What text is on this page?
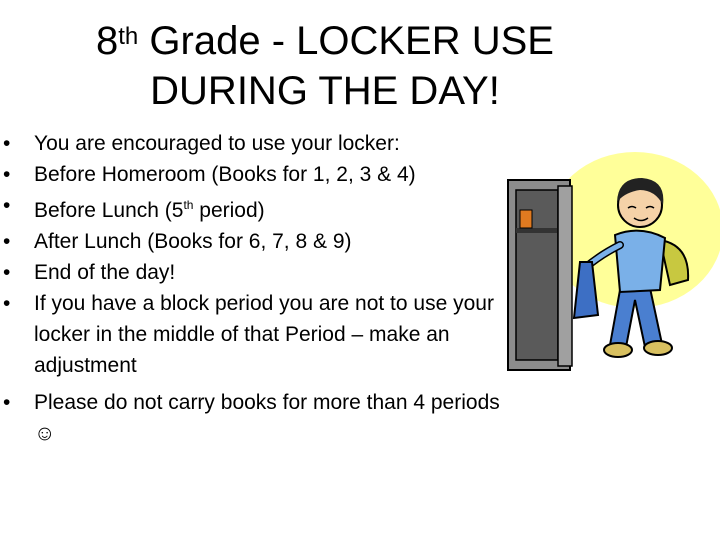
8th Grade - LOCKER USE
DURING THE DAY!
• You are encouraged to use your locker:
• Before Homeroom (Books for 1, 2, 3 & 4)
• Before Lunch (5th period)
• After Lunch (Books for 6, 7, 8 & 9)
• End of the day!
• If you have a block period you are not to use your locker in the middle of that Period – make an adjustment
• Please do not carry books for more than 4 periods ☺
